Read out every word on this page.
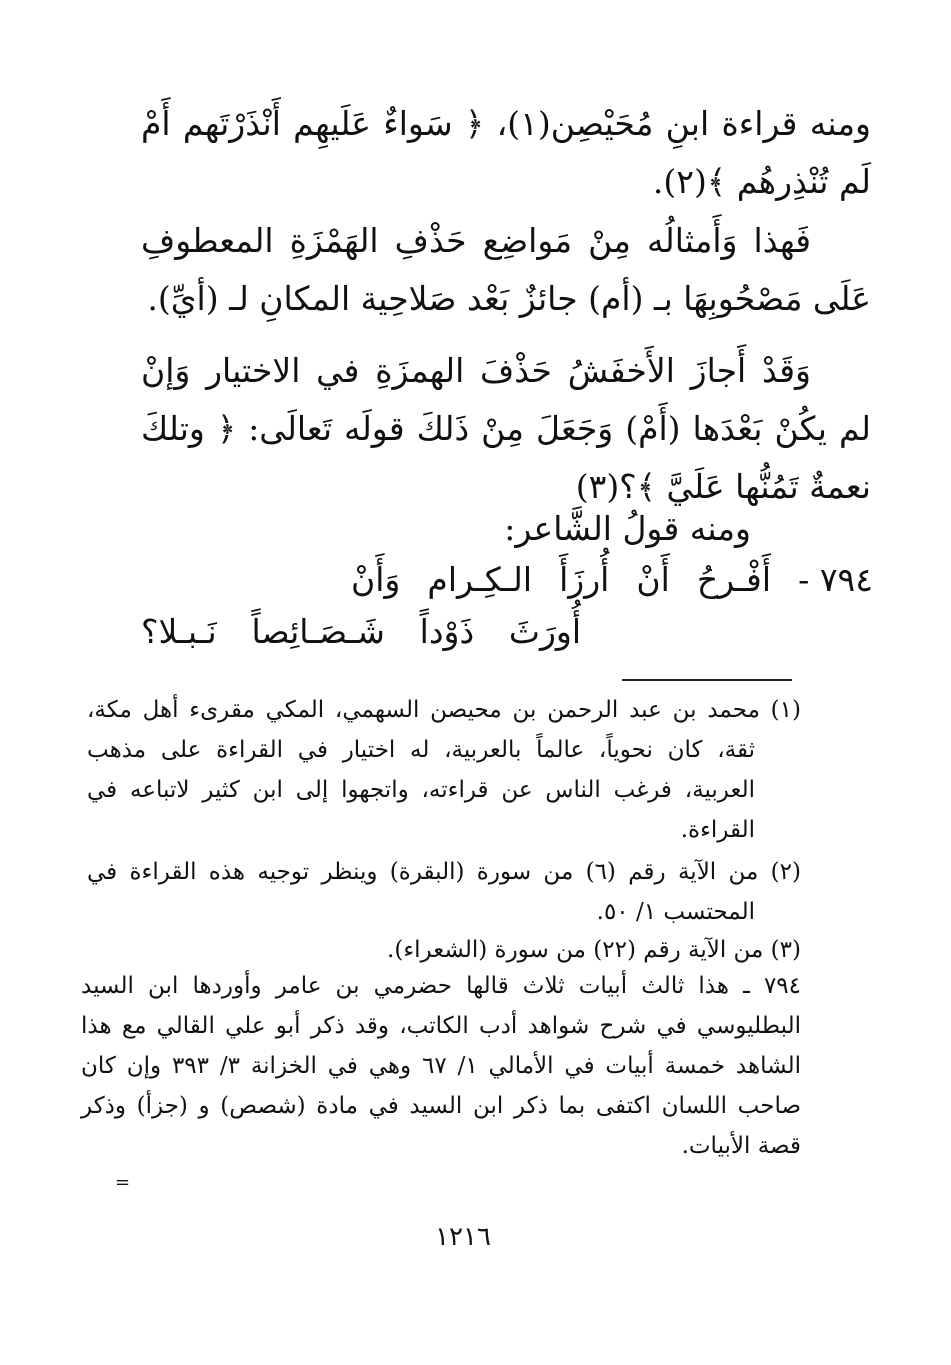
ومنه قراءة ابنِ مُحَيْصِن(١)، ﴿ سَواءٌ عَلَيهِم أَنْذَرْتَهم أَمْ لَم تُنْذِرهُم ﴾(٢).
فَهذا وَأَمثالُه مِنْ مَواضِع حَذْفِ الهَمْزَةِ المعطوفِ عَلَى مَصْحُوبِهَا بـ (أم) جائزٌ بَعْد صَلاحِية المكانِ لـ (أيِّ).
وَقَدْ أَجازَ الأَخفَشُ حَذْفَ الهمزَةِ في الاختيار وَإنْ لم يكُنْ بَعْدَها (أَمْ) وَجَعَلَ مِنْ ذَلكَ قولَه تَعالَى: ﴿ وتلكَ نعمةٌ تَمُنُّها عَلَيَّ ﴾؟(٣)
ومنه قولُ الشَّاعر:
٧٩٤ -
أَفْـرحُ
أَنْ
أُرزَأَ
الـكِـرام
وَأَنْ
أُورَثَ
ذَوْداً
شَـصَـائِصاً
نَـبـلا؟
(١) محمد بن عبد الرحمن بن محيصن السهمي، المكي مقرىء أهل مكة، ثقة، كان نحوياً، عالماً بالعربية، له اختيار في القراءة على مذهب العربية، فرغب الناس عن قراءته، واتجهوا إلى ابن كثير لاتباعه في القراءة.
(٢) من الآية رقم (٦) من سورة (البقرة) وينظر توجيه هذه القراءة في المحتسب ١/ ٥٠.
(٣) من الآية رقم (٢٢) من سورة (الشعراء).
٧٩٤ ـ هذا ثالث أبيات ثلاث قالها حضرمي بن عامر وأوردها ابن السيد البطليوسي في شرح شواهد أدب الكاتب، وقد ذكر أبو علي القالي مع هذا الشاهد خمسة أبيات في الأمالي ١/ ٦٧ وهي في الخزانة ٣/ ٣٩٣ وإن كان صاحب اللسان اكتفى بما ذكر ابن السيد في مادة (شصص) و (جزأ) وذكر قصة الأبيات.
=
١٢١٦
